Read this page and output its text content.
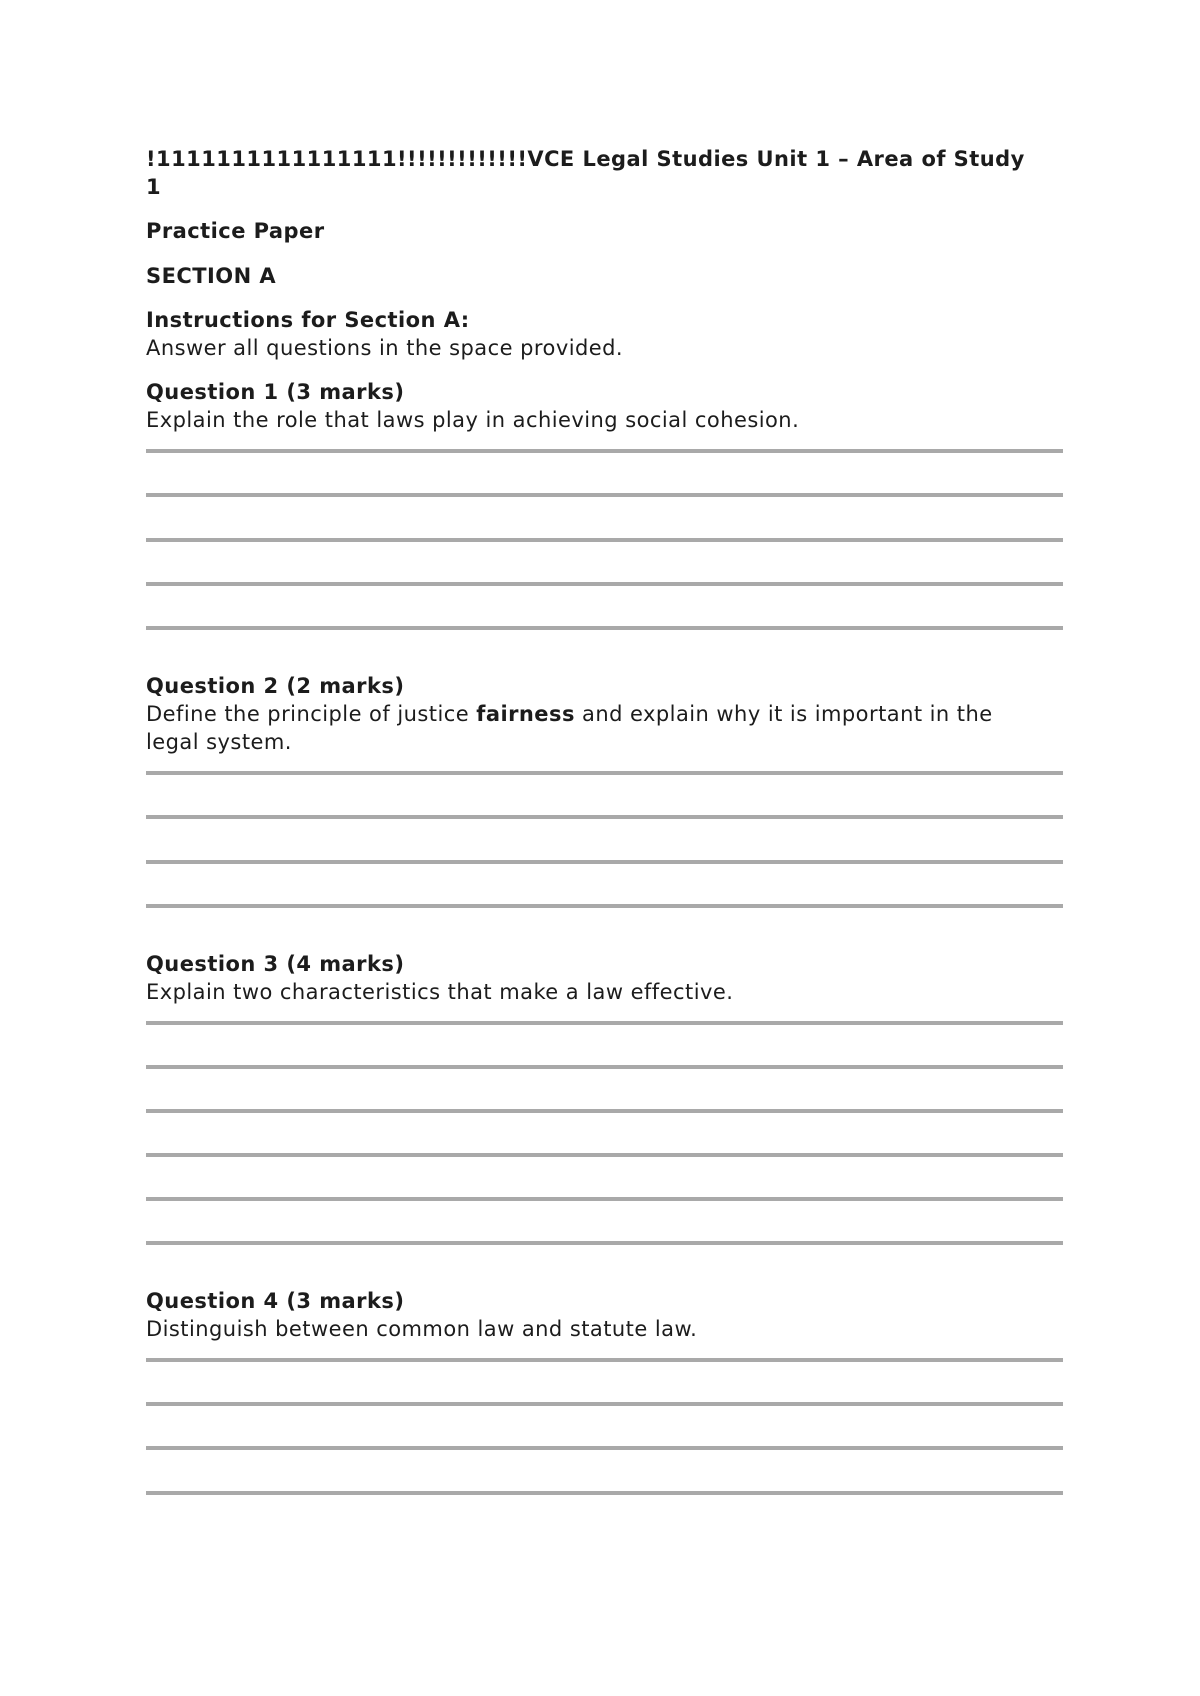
!1111111111111111!!!!!!!!!!!!!VCE Legal Studies Unit 1 – Area of Study 1
Practice Paper
SECTION A
Instructions for Section A:
Answer all questions in the space provided.
Question 1 (3 marks)
Explain the role that laws play in achieving social cohesion.
Question 2 (2 marks)
Define the principle of justice fairness and explain why it is important in the legal system.
Question 3 (4 marks)
Explain two characteristics that make a law effective.
Question 4 (3 marks)
Distinguish between common law and statute law.
